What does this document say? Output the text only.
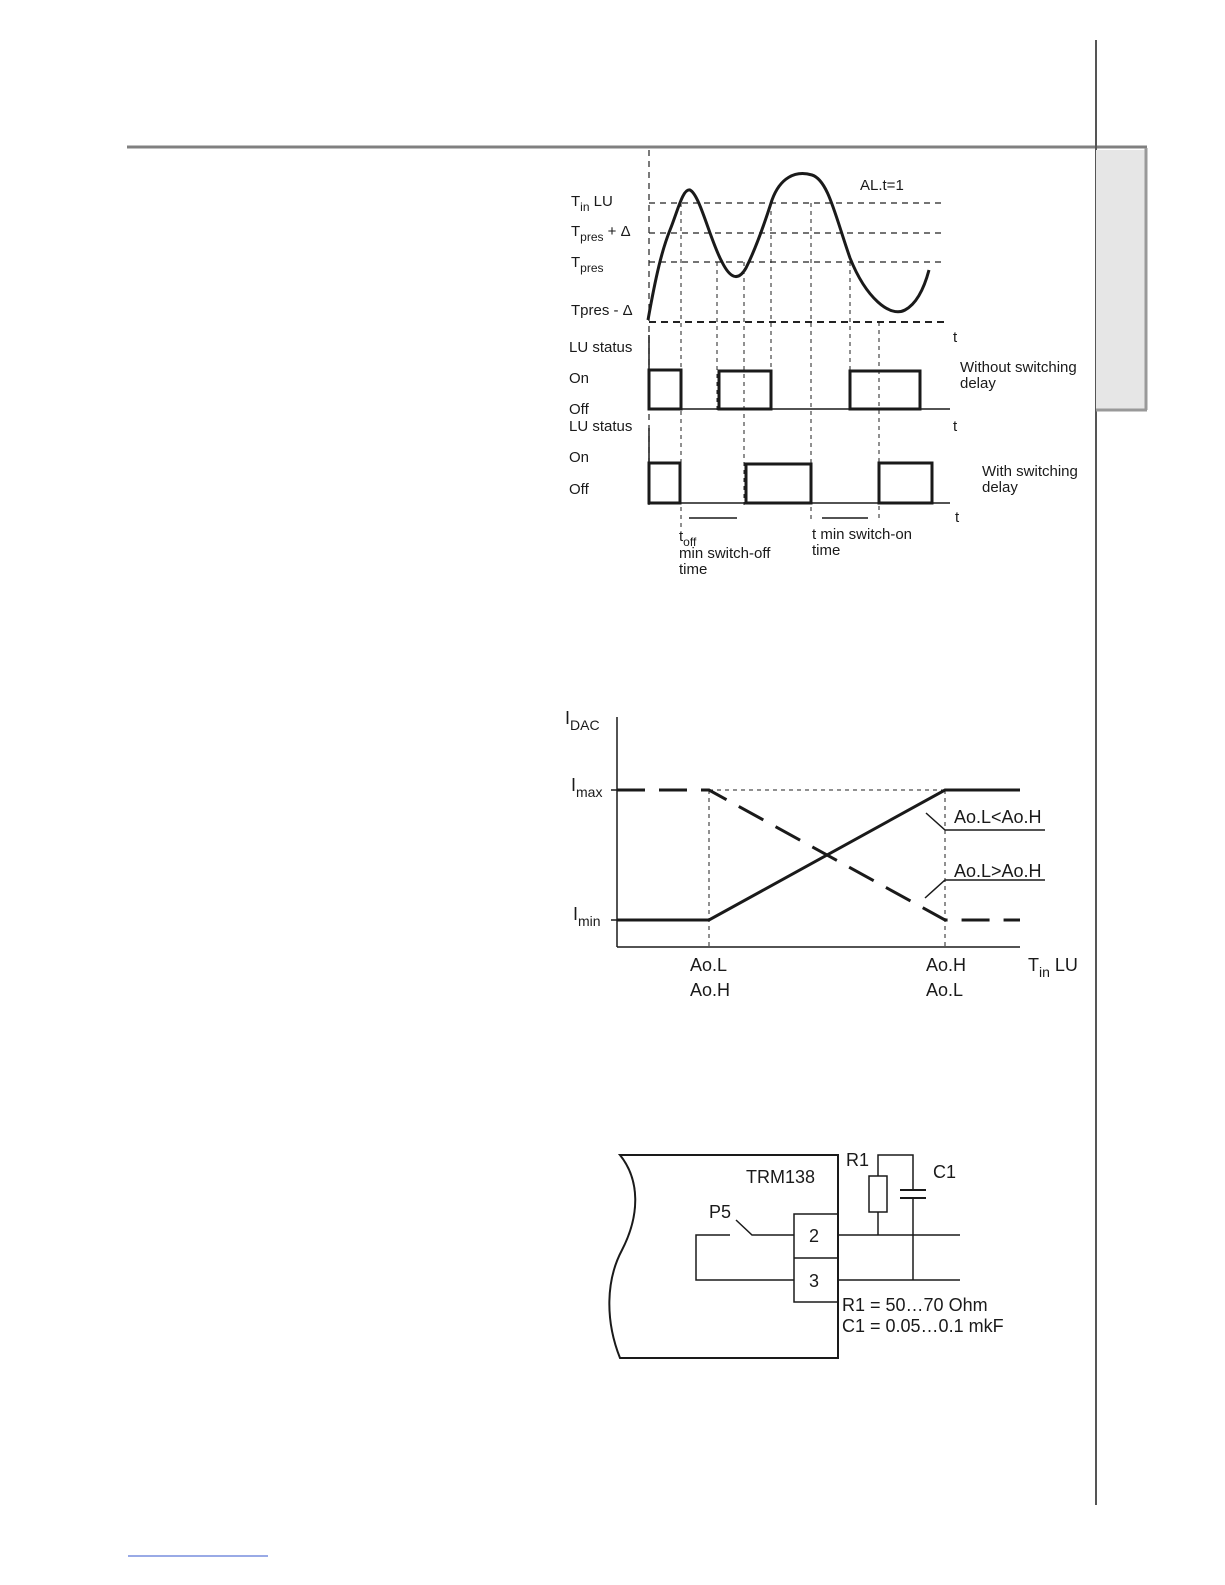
$T_{in}$ LU
$T_{pres} + \Delta$
$T_{pres}$
Tpres - Δ
AL.t=1
t
t
t
LU status
On
Off
Without switching
delay
LU status
On
Off
With switching
delay
$t_{off}$
min switch-off
time
t min switch-on
time
$I_{DAC}$
$I_{max}$
$I_{min}$
Ao.L<Ao.H
Ao.L>Ao.H
Ao.L
Ao.H
Ao.H
Ao.L
$T_{in}$ LU
TRM138
P5
2
3
R1
C1
R1 = 50…70 Ohm
C1 = 0.05…0.1 mkF
